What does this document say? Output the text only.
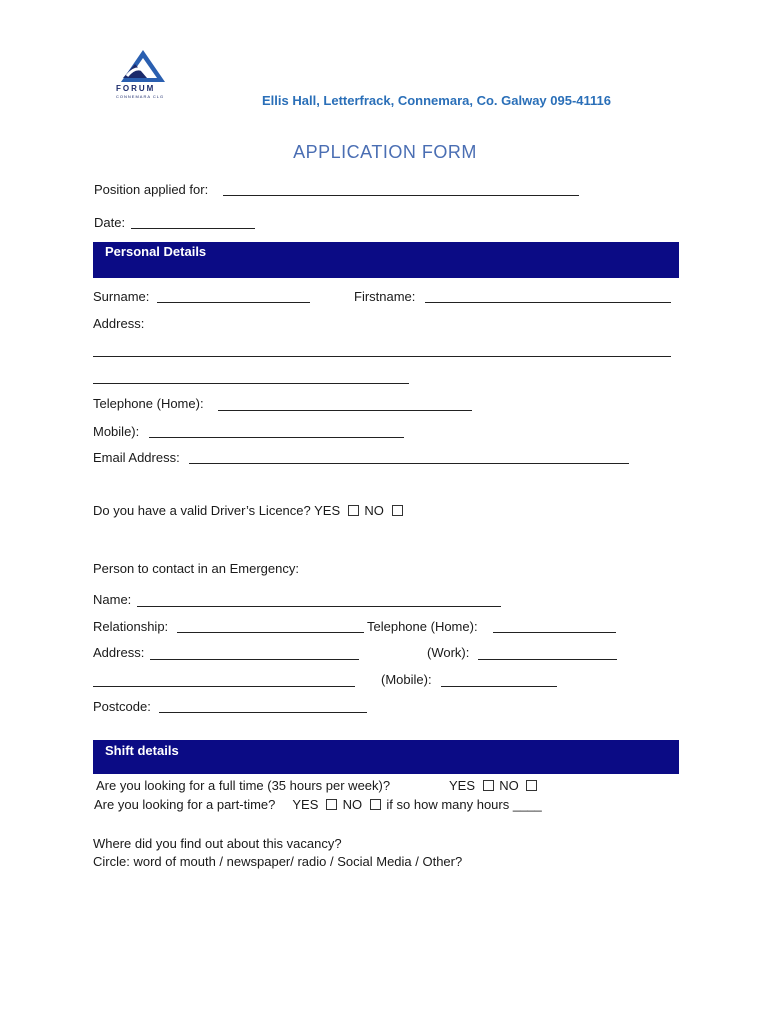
FORUM
CONNEMARA CLG	Ellis Hall, Letterfrack, Connemara, Co. Galway 095-41116
APPLICATION FORM
Position applied for:
Date:
Personal Details
Surname:	Firstname:
Address:
Telephone (Home):
Mobile):
Email Address:
Do you have a valid Driver’s Licence? YES NO
Person to contact in an Emergency:
Name:
Relationship:	Telephone (Home):
Address:	(Work):
(Mobile):
Postcode:
Shift details
Are you looking for a full time (35 hours per week)?	YES NO
Are you looking for a part-time? YES NO if so how many hours ____
Where did you find out about this vacancy?
Circle: word of mouth / newspaper/ radio / Social Media / Other?
